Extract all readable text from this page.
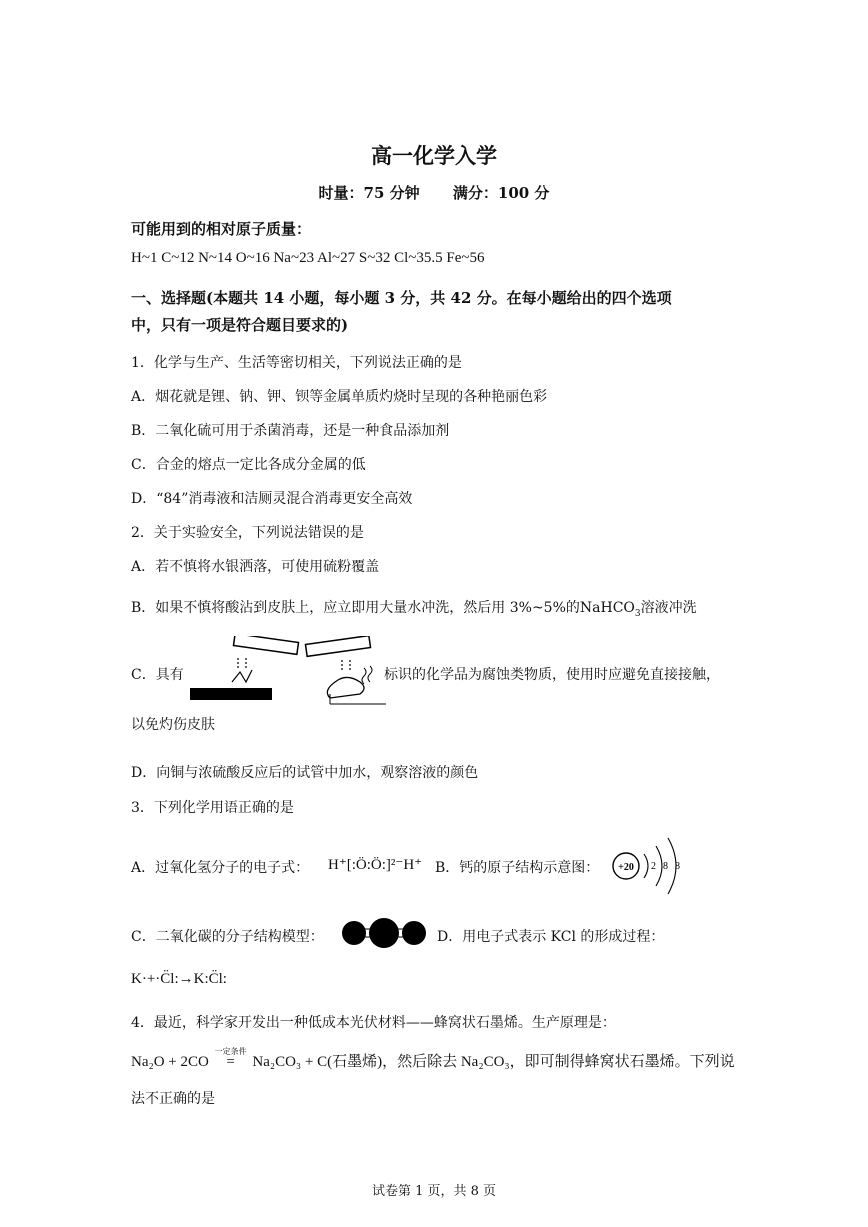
高一化学入学
时量：75 分钟 满分：100 分
可能用到的相对原子质量：
H~1 C~12 N~14 O~16 Na~23 Al~27 S~32 Cl~35.5 Fe~56
一、选择题(本题共 14 小题，每小题 3 分，共 42 分。在每小题给出的四个选项
中，只有一项是符合题目要求的)
1．化学与生产、生活等密切相关，下列说法正确的是
A．烟花就是锂、钠、钾、钡等金属单质灼烧时呈现的各种艳丽色彩
B．二氧化硫可用于杀菌消毒，还是一种食品添加剂
C．合金的熔点一定比各成分金属的低
D．“84”消毒液和洁厕灵混合消毒更安全高效
2．关于实验安全，下列说法错误的是
A．若不慎将水银洒落，可使用硫粉覆盖
B．如果不慎将酸沾到皮肤上，应立即用大量水冲洗，然后用 3%~5%的NaHCO$_3$溶液冲洗
C．具有	标识的化学品为腐蚀类物质，使用时应避免直接接触，
以免灼伤皮肤
D．向铜与浓硫酸反应后的试管中加水，观察溶液的颜色
3．下列化学用语正确的是
A．过氧化氢分子的电子式： H⁺[:Ö:Ö:]²⁻H⁺ B．钙的原子结构示意图： +20 2 8 8
C．二氧化碳的分子结构模型：	D．用电子式表示 KCl 的形成过程：
K·+·C̈l:→K:C̈l:
4．最近，科学家开发出一种低成本光伏材料——蜂窝状石墨烯。生产原理是：
Na₂O + 2CO
一定条件
= Na₂CO₃ + C(石墨烯)，然后除去 Na₂CO₃，即可制得蜂窝状石墨烯。下列说
法不正确的是
试卷第 1 页，共 8 页
